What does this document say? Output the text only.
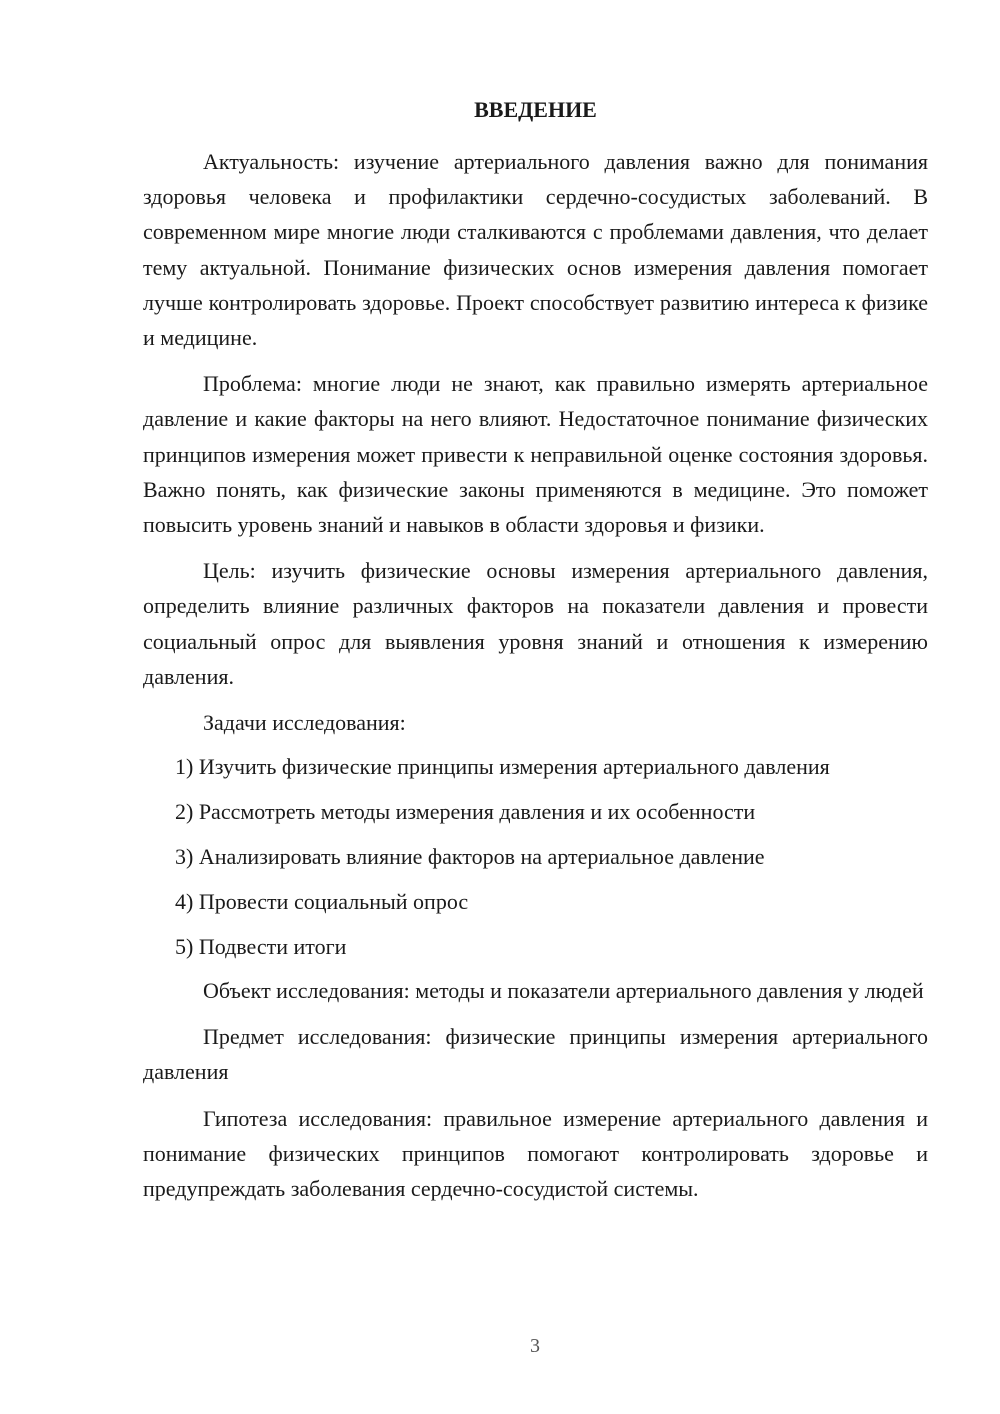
ВВЕДЕНИЕ

Актуальность: изучение артериального давления важно для понимания здоровья человека и профилактики сердечно-сосудистых заболеваний. В современном мире многие люди сталкиваются с проблемами давления, что делает тему актуальной. Понимание физических основ измерения давления помогает лучше контролировать здоровье. Проект способствует развитию интереса к физике и медицине.

Проблема: многие люди не знают, как правильно измерять артериальное давление и какие факторы на него влияют. Недостаточное понимание физических принципов измерения может привести к неправильной оценке состояния здоровья. Важно понять, как физические законы применяются в медицине. Это поможет повысить уровень знаний и навыков в области здоровья и физики.

Цель: изучить физические основы измерения артериального давления, определить влияние различных факторов на показатели давления и провести социальный опрос для выявления уровня знаний и отношения к измерению давления.

Задачи исследования:
1) Изучить физические принципы измерения артериального давления
2) Рассмотреть методы измерения давления и их особенности
3) Анализировать влияние факторов на артериальное давление
4) Провести социальный опрос
5) Подвести итоги

Объект исследования: методы и показатели артериального давления у людей

Предмет исследования: физические принципы измерения артериального давления

Гипотеза исследования: правильное измерение артериального давления и понимание физических принципов помогают контролировать здоровье и предупреждать заболевания сердечно-сосудистой системы.

3
